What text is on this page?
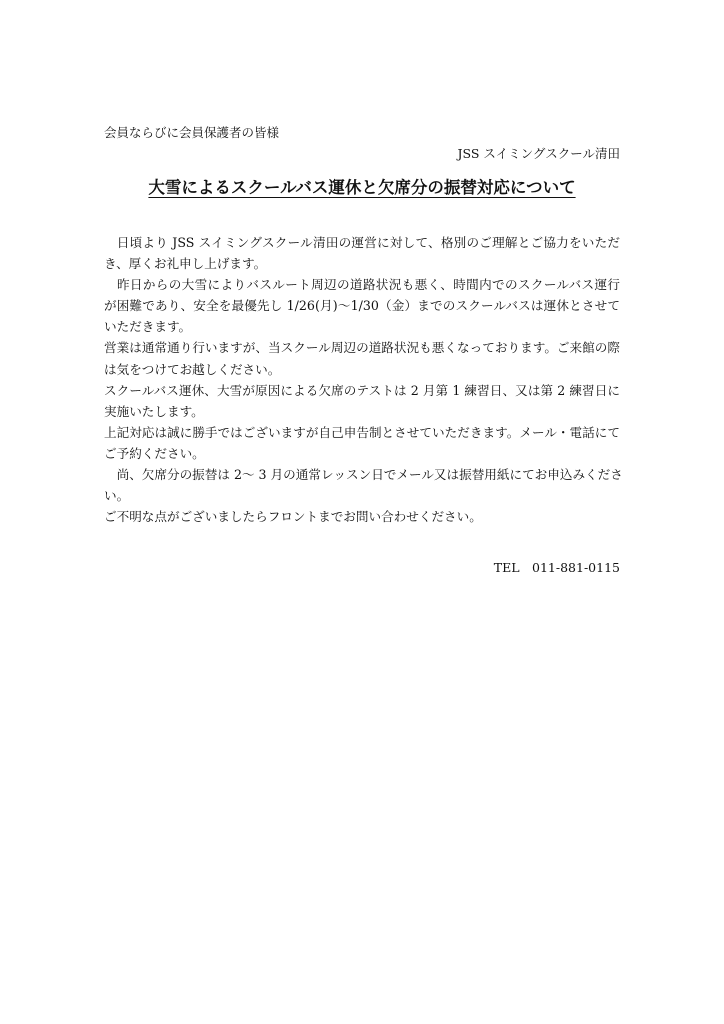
会員ならびに会員保護者の皆様
JSS スイミングスクール清田
大雪によるスクールバス運休と欠席分の振替対応について
　日頃より JSS スイミングスクール清田の運営に対して、格別のご理解とご協力をいただ
き、厚くお礼申し上げます。
　昨日からの大雪によりバスルート周辺の道路状況も悪く、時間内でのスクールバス運行
が困難であり、安全を最優先し 1/26(月)～1/30（金）までのスクールバスは運休とさせて
いただきます。
営業は通常通り行いますが、当スクール周辺の道路状況も悪くなっております。ご来館の際
は気をつけてお越しください。
スクールバス運休、大雪が原因による欠席のテストは 2 月第 1 練習日、又は第 2 練習日に
実施いたします。
上記対応は誠に勝手ではございますが自己申告制とさせていただきます。メール・電話にて
ご予約ください。
　尚、欠席分の振替は 2～ 3 月の通常レッスン日でメール又は振替用紙にてお申込みくださ
い。
ご不明な点がございましたらフロントまでお問い合わせください。
TEL　011-881-0115
